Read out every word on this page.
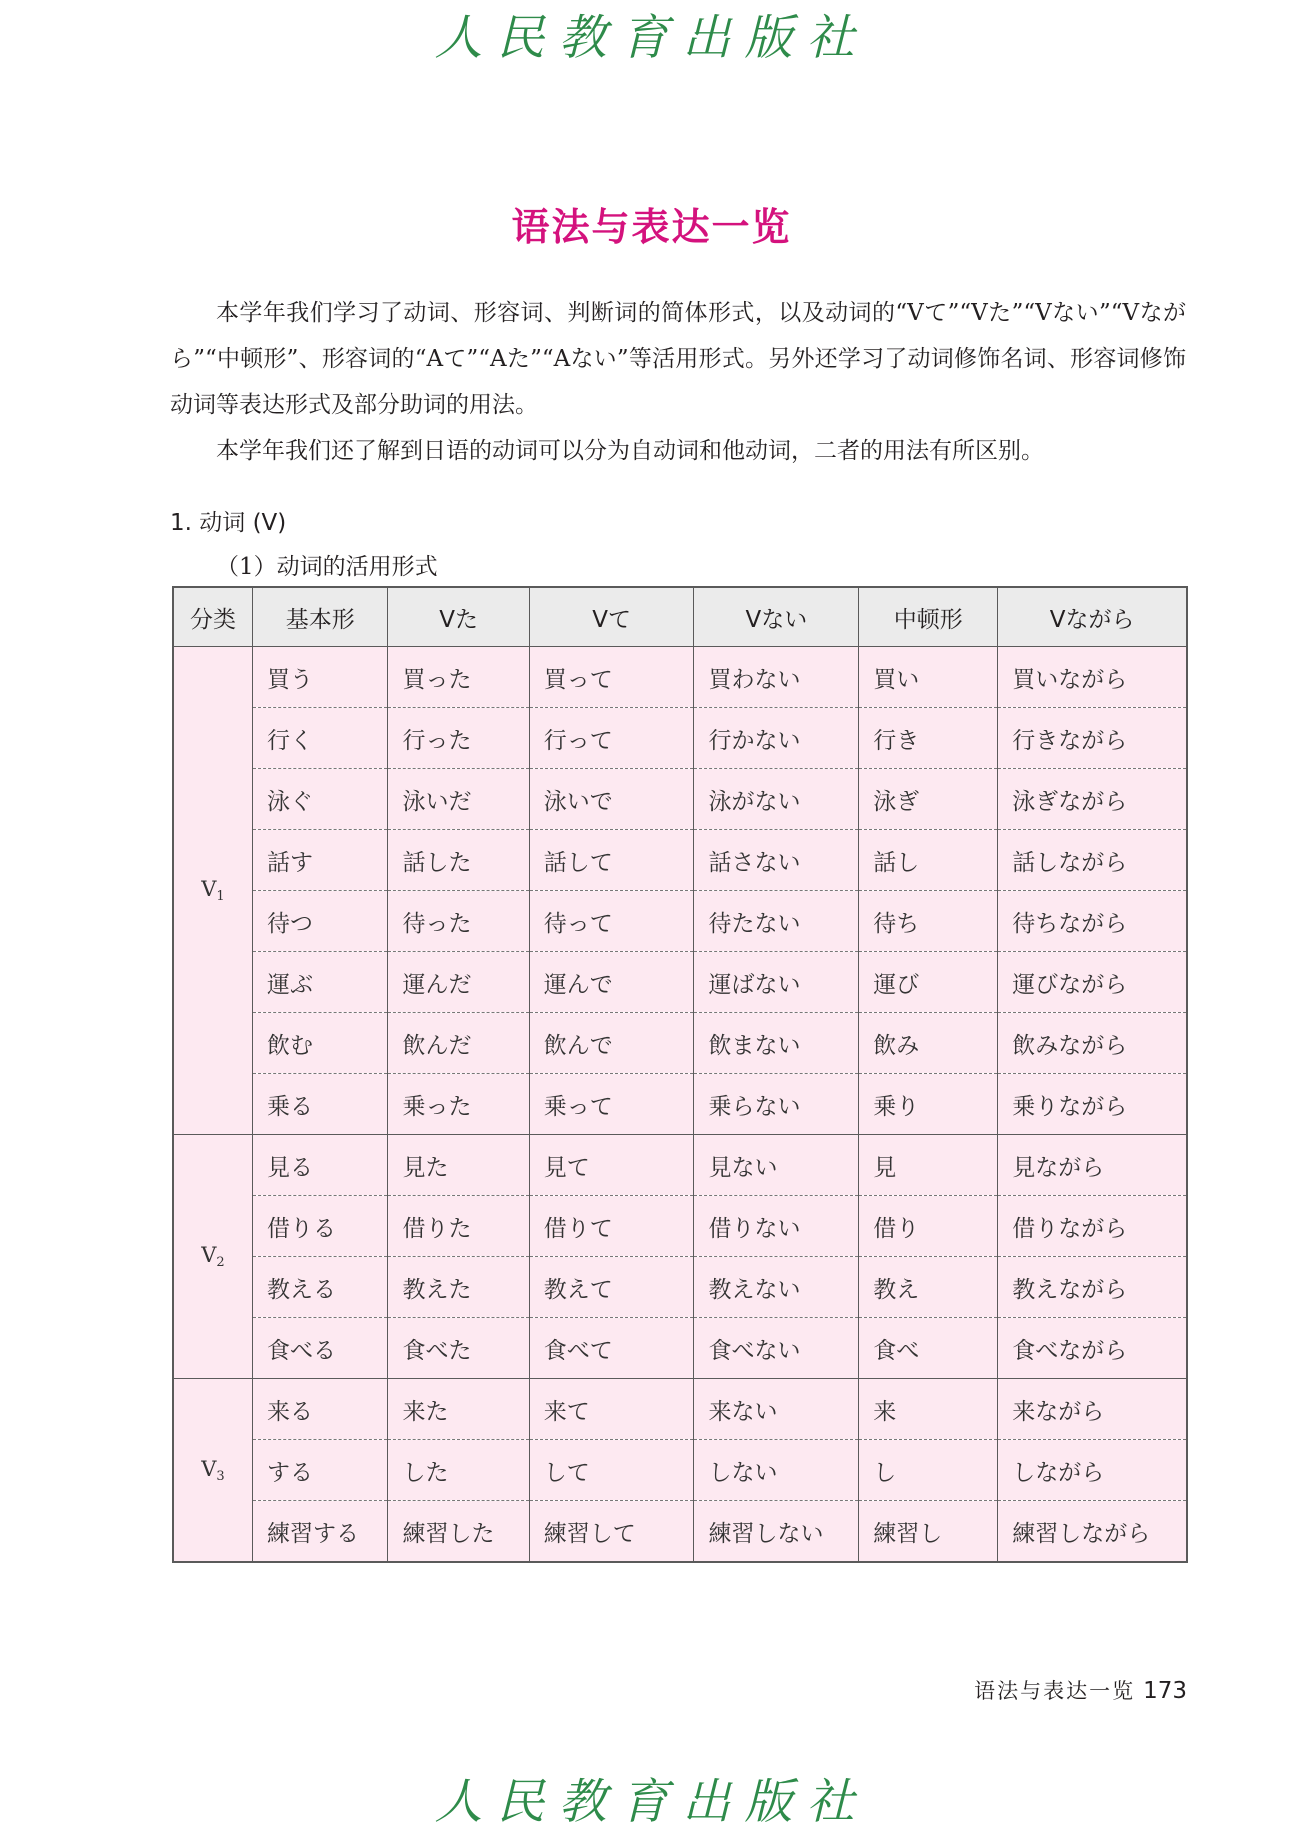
人民教育出版社
语法与表达一览

本学年我们学习了动词、形容词、判断词的简体形式，以及动词的“Vて”“Vた”“Vない”“Vながら”“中顿形”、形容词的“Aて”“Aた”“Aない”等活用形式。另外还学习了动词修饰名词、形容词修饰动词等表达形式及部分助词的用法。

本学年我们还了解到日语的动词可以分为自动词和他动词，二者的用法有所区别。

1. 动词 (V)
（1）动词的活用形式
分类	基本形	Vた	Vて	Vない	中顿形	Vながら
$V_1$	買う	買った	買って	買わない	買い	買いながら
	行く	行った	行って	行かない	行き	行きながら
	泳ぐ	泳いだ	泳いで	泳がない	泳ぎ	泳ぎながら
	話す	話した	話して	話さない	話し	話しながら
	待つ	待った	待って	待たない	待ち	待ちながら
	運ぶ	運んだ	運んで	運ばない	運び	運びながら
	飲む	飲んだ	飲んで	飲まない	飲み	飲みながら
	乗る	乗った	乗って	乗らない	乗り	乗りながら
$V_2$	見る	見た	見て	見ない	見	見ながら
	借りる	借りた	借りて	借りない	借り	借りながら
	教える	教えた	教えて	教えない	教え	教えながら
	食べる	食べた	食べて	食べない	食べ	食べながら
$V_3$	来る	来た	来て	来ない	来	来ながら
	する	した	して	しない	し	しながら
	練習する	練習した	練習して	練習しない	練習し	練習しながら
语法与表达一览 173
人民教育出版社
